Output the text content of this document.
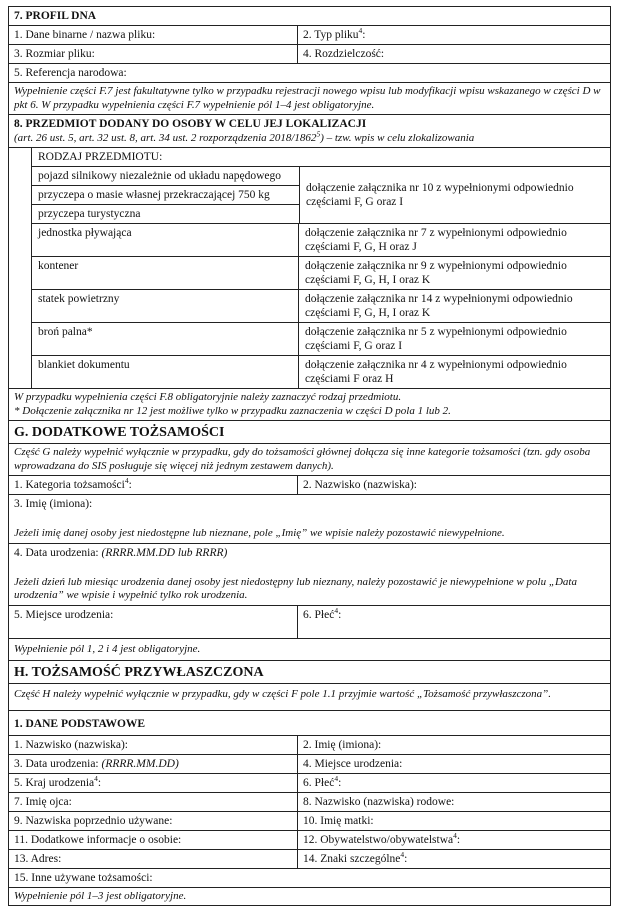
7. PROFIL DNA
1. Dane binarne / nazwa pliku:	2. Typ pliku$^4$:
3. Rozmiar pliku:	4. Rozdzielczość:
5. Referencja narodowa:
Wypełnienie części F.7 jest fakultatywne tylko w przypadku rejestracji nowego wpisu lub modyfikacji wpisu wskazanego w części D w pkt 6. W przypadku wypełnienia części F.7 wypełnienie pól 1–4 jest obligatoryjne.
8. PRZEDMIOT DODANY DO OSOBY W CELU JEJ LOKALIZACJI
(art. 26 ust. 5, art. 32 ust. 8, art. 34 ust. 2 rozporządzenia 2018/1862$^5$) – tzw. wpis w celu zlokalizowania
RODZAJ PRZEDMIOTU:
pojazd silnikowy niezależnie od układu napędowego
przyczepa o masie własnej przekraczającej 750 kg
przyczepa turystyczna
dołączenie załącznika nr 10 z wypełnionymi odpowiednio częściami F, G oraz I
jednostka pływająca	dołączenie załącznika nr 7 z wypełnionymi odpowiednio częściami F, G, H oraz J
kontener	dołączenie załącznika nr 9 z wypełnionymi odpowiednio częściami F, G, H, I oraz K
statek powietrzny	dołączenie załącznika nr 14 z wypełnionymi odpowiednio częściami F, G, H, I oraz K
broń palna*	dołączenie załącznika nr 5 z wypełnionymi odpowiednio częściami F, G oraz I
blankiet dokumentu	dołączenie załącznika nr 4 z wypełnionymi odpowiednio częściami F oraz H
W przypadku wypełnienia części F.8 obligatoryjnie należy zaznaczyć rodzaj przedmiotu.
* Dołączenie załącznika nr 12 jest możliwe tylko w przypadku zaznaczenia w części D pola 1 lub 2.
G. DODATKOWE TOŻSAMOŚCI
Część G należy wypełnić wyłącznie w przypadku, gdy do tożsamości głównej dołącza się inne kategorie tożsamości (tzn. gdy osoba wprowadzana do SIS posługuje się więcej niż jednym zestawem danych).
1. Kategoria tożsamości$^4$:	2. Nazwisko (nazwiska):
3. Imię (imiona):
Jeżeli imię danej osoby jest niedostępne lub nieznane, pole „Imię” we wpisie należy pozostawić niewypełnione.
4. Data urodzenia: (RRRR.MM.DD lub RRRR)
Jeżeli dzień lub miesiąc urodzenia danej osoby jest niedostępny lub nieznany, należy pozostawić je niewypełnione w polu „Data urodzenia” we wpisie i wypełnić tylko rok urodzenia.
5. Miejsce urodzenia:	6. Płeć$^4$:
Wypełnienie pól 1, 2 i 4 jest obligatoryjne.
H. TOŻSAMOŚĆ PRZYWŁASZCZONA
Część H należy wypełnić wyłącznie w przypadku, gdy w części F pole 1.1 przyjmie wartość „Tożsamość przywłaszczona”.
1. DANE PODSTAWOWE
1. Nazwisko (nazwiska):	2. Imię (imiona):
3. Data urodzenia: (RRRR.MM.DD)	4. Miejsce urodzenia:
5. Kraj urodzenia$^4$:	6. Płeć$^4$:
7. Imię ojca:	8. Nazwisko (nazwiska) rodowe:
9. Nazwiska poprzednio używane:	10. Imię matki:
11. Dodatkowe informacje o osobie:	12. Obywatelstwo/obywatelstwa$^4$:
13. Adres:	14. Znaki szczególne$^4$:
15. Inne używane tożsamości:
Wypełnienie pól 1–3 jest obligatoryjne.
